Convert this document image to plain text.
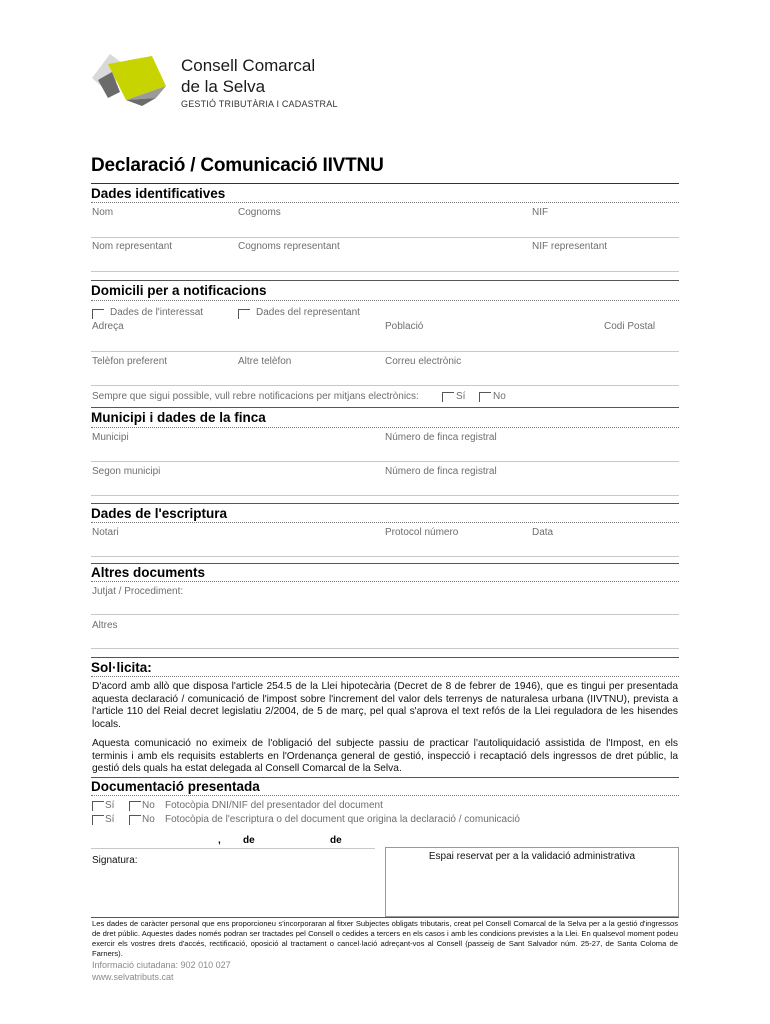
Consell Comarcal
de la Selva
GESTIÓ TRIBUTÀRIA I CADASTRAL
Declaració / Comunicació IIVTNU
Dades identificatives
Nom	Cognoms	NIF
Nom representant	Cognoms representant	NIF representant
Domicili per a notificacions
Dades de l'interessat	Dades del representant
Adreça	Població	Codi Postal
Telèfon preferent	Altre telèfon	Correu electrònic
Sempre que sigui possible, vull rebre notificacions per mitjans electrònics:	Sí	No
Municipi i dades de la finca
Municipi	Número de finca registral
Segon municipi	Número de finca registral
Dades de l'escriptura
Notari	Protocol número	Data
Altres documents
Jutjat / Procediment:
Altres
Sol·licita:
D'acord amb allò que disposa l'article 254.5 de la Llei hipotecària (Decret de 8 de febrer de 1946), que es tingui per presentada aquesta declaració / comunicació de l'impost sobre l'increment del valor dels terrenys de naturalesa urbana (IIVTNU), prevista a l'article 110 del Reial decret legislatiu 2/2004, de 5 de març, pel qual s'aprova el text refós de la Llei reguladora de les hisendes locals.
Aquesta comunicació no eximeix de l'obligació del subjecte passiu de practicar l'autoliquidació assistida de l'Impost, en els terminis i amb els requisits establerts en l'Ordenança general de gestió, inspecció i recaptació dels ingressos de dret públic, la gestió dels quals ha estat delegada al Consell Comarcal de la Selva.
Documentació presentada
Sí	No Fotocòpia DNI/NIF del presentador del document
Sí	No Fotocòpia de l'escriptura o del document que origina la declaració / comunicació
, de	de
Signatura:	Espai reservat per a la validació administrativa
Les dades de caràcter personal que ens proporcioneu s'incorporaran al fitxer Subjectes obligats tributaris, creat pel Consell Comarcal de la Selva per a la gestió d'ingressos de dret públic. Aquestes dades només podran ser tractades pel Consell o cedides a tercers en els casos i amb les condicions previstes a la Llei. En qualsevol moment podeu exercir els vostres drets d'accés, rectificació, oposició al tractament o cancel·lació adreçant-vos al Consell (passeig de Sant Salvador núm. 25-27, de Santa Coloma de Farners).
Informació ciutadana: 902 010 027
www.selvatributs.cat
